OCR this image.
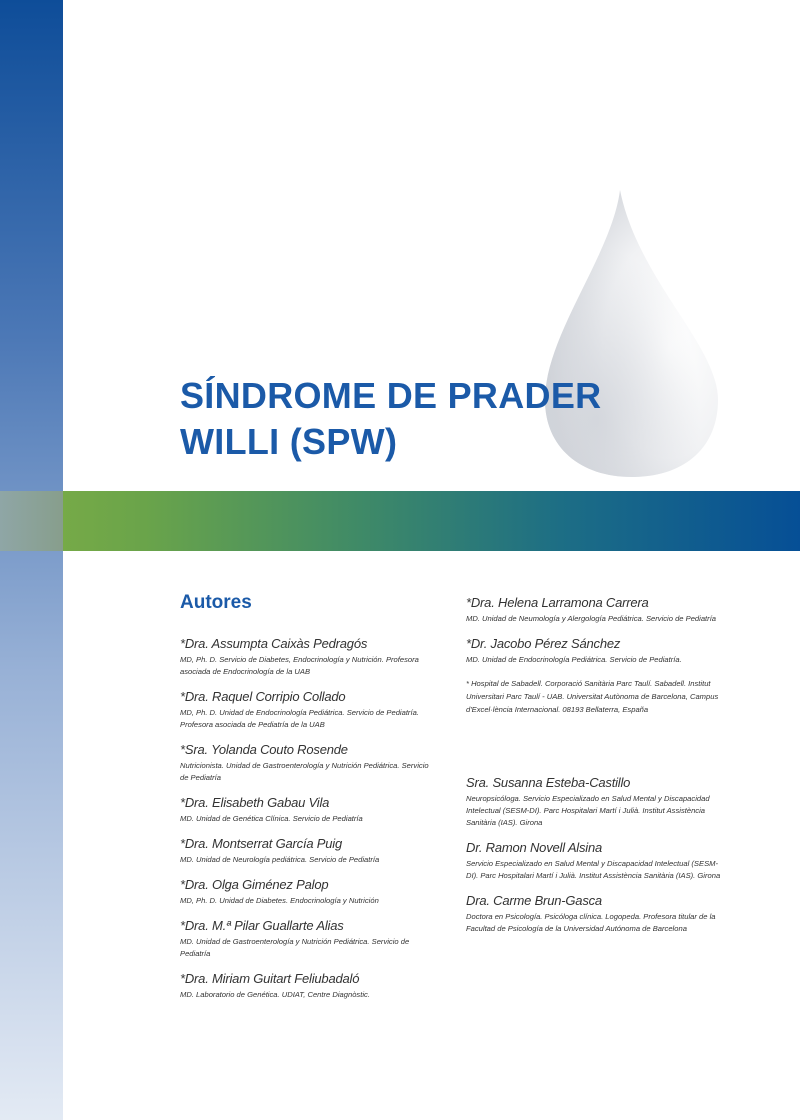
SÍNDROME DE PRADER
WILLI (SPW)
Autores
*Dra. Assumpta Caixàs Pedragós
MD, Ph. D. Servicio de Diabetes, Endocrinología y Nutrición. Profesora asociada de Endocrinología de la UAB
*Dra. Raquel Corripio Collado
MD, Ph. D. Unidad de Endocrinología Pediátrica. Servicio de Pediatría. Profesora asociada de Pediatría de la UAB
*Sra. Yolanda Couto Rosende
Nutricionista. Unidad de Gastroenterología y Nutrición Pediátrica. Servicio de Pediatría
*Dra. Elisabeth Gabau Vila
MD. Unidad de Genética Clínica. Servicio de Pediatría
*Dra. Montserrat García Puig
MD. Unidad de Neurología pediátrica. Servicio de Pediatría
*Dra. Olga Giménez Palop
MD, Ph. D. Unidad de Diabetes. Endocrinología y Nutrición
*Dra. M.ª Pilar Guallarte Alias
MD. Unidad de Gastroenterología y Nutrición Pediátrica. Servicio de Pediatría
*Dra. Miriam Guitart Feliubadaló
MD. Laboratorio de Genética. UDIAT, Centre Diagnòstic.
*Dra. Helena Larramona Carrera
MD. Unidad de Neumología y Alergología Pediátrica. Servicio de Pediatría
*Dr. Jacobo Pérez Sánchez
MD. Unidad de Endocrinología Pediátrica. Servicio de Pediatría.
* Hospital de Sabadell. Corporació Sanitària Parc Taulí. Sabadell. Institut Universitari Parc Taulí - UAB. Universitat Autònoma de Barcelona, Campus d'Excel·lència Internacional. 08193 Bellaterra, España
Sra. Susanna Esteba-Castillo
Neuropsicóloga. Servicio Especializado en Salud Mental y Discapacidad Intelectual (SESM-DI). Parc Hospitalari Martí i Julià. Institut Assistència Sanitària (IAS). Girona
Dr. Ramon Novell Alsina
Servicio Especializado en Salud Mental y Discapacidad Intelectual (SESM-DI). Parc Hospitalari Martí i Julià. Institut Assistència Sanitària (IAS). Girona
Dra. Carme Brun-Gasca
Doctora en Psicología. Psicóloga clínica. Logopeda. Profesora titular de la Facultad de Psicología de la Universidad Autónoma de Barcelona
